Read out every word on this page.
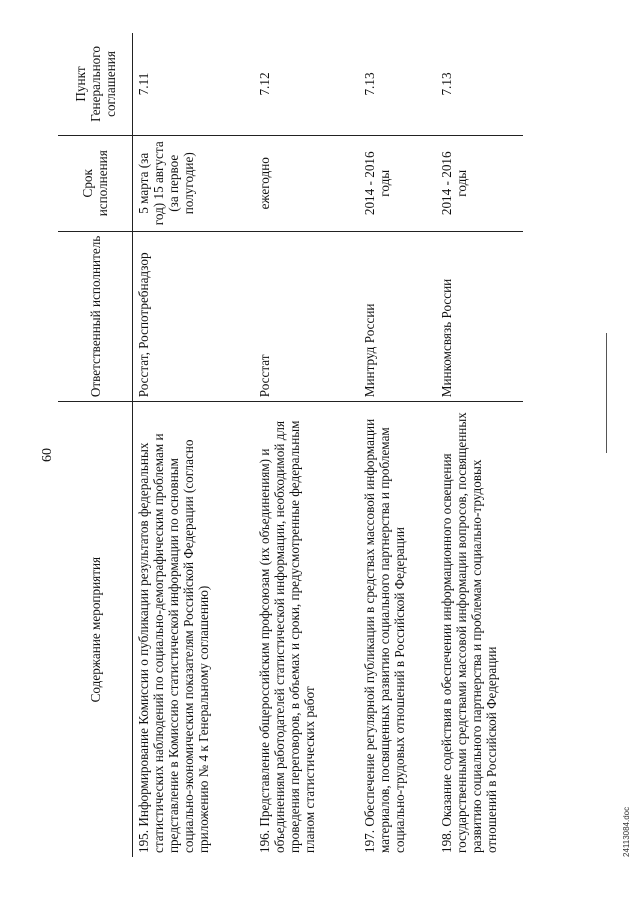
60
Содержание мероприятия	Ответственный исполнитель	Срок исполнения	Пункт Генерального соглашения
195. Информирование Комиссии о публикации результатов федеральных статистических наблюдений по социально-демографическим проблемам и представление в Комиссию статистической информации по основным социально-экономическим показателям Российской Федерации (согласно приложению № 4 к Генеральному соглашению)	Росстат, Роспотребнадзор	5 марта (за год) 15 августа (за первое полугодие)	7.11
196. Представление общероссийским профсоюзам (их объединениям) и объединениям работодателей статистической информации, необходимой для проведения переговоров, в объемах и сроки, предусмотренные федеральным планом статистических работ	Росстат	ежегодно	7.12
197. Обеспечение регулярной публикации в средствах массовой информации материалов, посвященных развитию социального партнерства и проблемам социально-трудовых отношений в Российской Федерации	Минтруд России	2014 - 2016 годы	7.13
198. Оказание содействия в обеспечении информационного освещения государственными средствами массовой информации вопросов, посвященных развитию социального партнерства и проблемам социально-трудовых отношений в Российской Федерации	Минкомсвязь России	2014 - 2016 годы	7.13
24113084.doc
